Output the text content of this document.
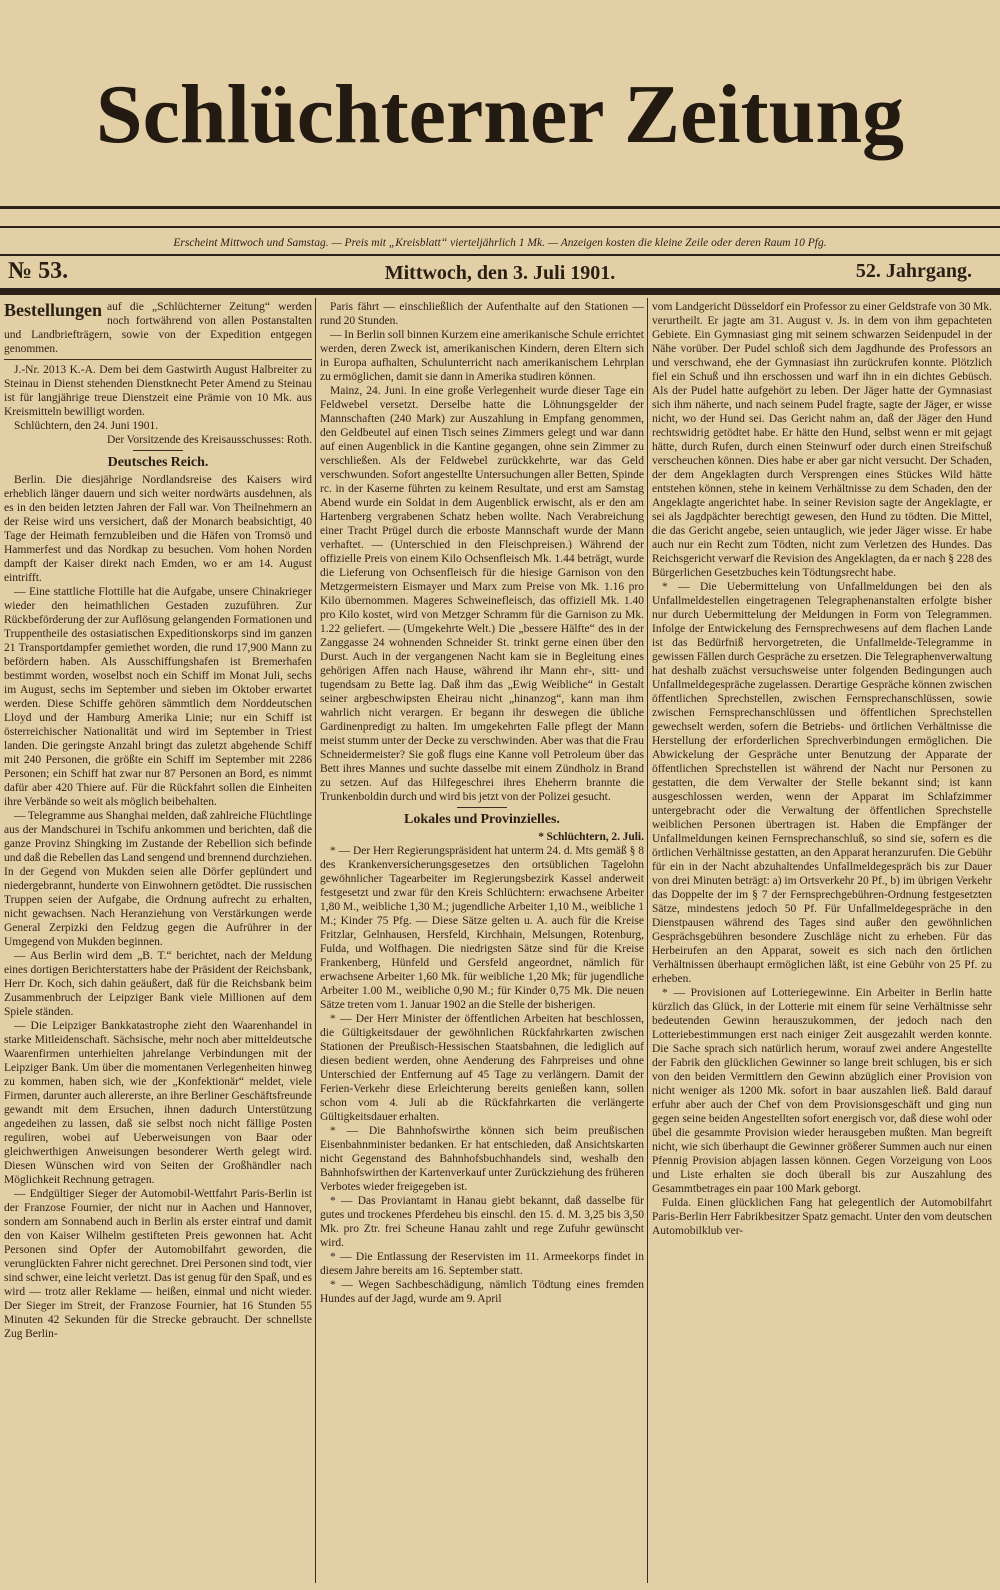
Schlüchterner Zeitung
Erscheint Mittwoch und Samstag. — Preis mit „Kreisblatt“ vierteljährlich 1 Mk. — Anzeigen kosten die kleine Zeile oder deren Raum 10 Pfg.
№ 53.	Mittwoch, den 3. Juli 1901.	52. Jahrgang.

Bestellungen auf die „Schlüchterner Zeitung“ werden noch fortwährend von allen Postanstalten und Landbriefträgern, sowie von der Expedition entgegen genommen.

J.-Nr. 2013 K.-A. Dem bei dem Gastwirth August Halbreiter zu Steinau in Dienst stehenden Dienstknecht Peter Amend zu Steinau ist für langjährige treue Dienstzeit eine Prämie von 10 Mk. aus Kreismitteln bewilligt worden.

Schlüchtern, den 24. Juni 1901.

Der Vorsitzende des Kreisausschusses: Roth.

Deutsches Reich.

Berlin. Die diesjährige Nordlandsreise des Kaisers wird erheblich länger dauern und sich weiter nordwärts ausdehnen, als es in den beiden letzten Jahren der Fall war. Von Theilnehmern an der Reise wird uns versichert, daß der Monarch beabsichtigt, 40 Tage der Heimath fernzubleiben und die Häfen von Tromsö und Hammerfest und das Nordkap zu besuchen. Vom hohen Norden dampft der Kaiser direkt nach Emden, wo er am 14. August eintrifft.

— Eine stattliche Flottille hat die Aufgabe, unsere Chinakrieger wieder den heimathlichen Gestaden zuzuführen. Zur Rückbeförderung der zur Auflösung gelangenden Formationen und Truppentheile des ostasiatischen Expeditionskorps sind im ganzen 21 Transportdampfer gemiethet worden, die rund 17,900 Mann zu befördern haben. Als Ausschiffungshafen ist Bremerhafen bestimmt worden, woselbst noch ein Schiff im Monat Juli, sechs im August, sechs im September und sieben im Oktober erwartet werden. Diese Schiffe gehören sämmtlich dem Norddeutschen Lloyd und der Hamburg Amerika Linie; nur ein Schiff ist österreichischer Nationalität und wird im September in Triest landen. Die geringste Anzahl bringt das zuletzt abgehende Schiff mit 240 Personen, die größte ein Schiff im September mit 2286 Personen; ein Schiff hat zwar nur 87 Personen an Bord, es nimmt dafür aber 420 Thiere auf. Für die Rückfahrt sollen die Einheiten ihre Verbände so weit als möglich beibehalten.

— Telegramme aus Shanghai melden, daß zahlreiche Flüchtlinge aus der Mandschurei in Tschifu ankommen und berichten, daß die ganze Provinz Shingking im Zustande der Rebellion sich befinde und daß die Rebellen das Land sengend und brennend durchziehen. In der Gegend von Mukden seien alle Dörfer geplündert und niedergebrannt, hunderte von Einwohnern getödtet. Die russischen Truppen seien der Aufgabe, die Ordnung aufrecht zu erhalten, nicht gewachsen. Nach Heranziehung von Verstärkungen werde General Zerpizki den Feldzug gegen die Aufrührer in der Umgegend von Mukden beginnen.

— Aus Berlin wird dem „B. T.“ berichtet, nach der Meldung eines dortigen Berichterstatters habe der Präsident der Reichsbank, Herr Dr. Koch, sich dahin geäußert, daß für die Reichsbank beim Zusammenbruch der Leipziger Bank viele Millionen auf dem Spiele ständen.

— Die Leipziger Bankkatastrophe zieht den Waarenhandel in starke Mitleidenschaft. Sächsische, mehr noch aber mitteldeutsche Waarenfirmen unterhielten jahrelange Verbindungen mit der Leipziger Bank. Um über die momentanen Verlegenheiten hinweg zu kommen, haben sich, wie der „Konfektionär“ meldet, viele Firmen, darunter auch allererste, an ihre Berliner Geschäftsfreunde gewandt mit dem Ersuchen, ihnen dadurch Unterstützung angedeihen zu lassen, daß sie selbst noch nicht fällige Posten reguliren, wobei auf Ueberweisungen von Baar oder gleichwerthigen Anweisungen besonderer Werth gelegt wird. Diesen Wünschen wird von Seiten der Großhändler nach Möglichkeit Rechnung getragen.

— Endgültiger Sieger der Automobil-Wettfahrt Paris-Berlin ist der Franzose Fournier, der nicht nur in Aachen und Hannover, sondern am Sonnabend auch in Berlin als erster eintraf und damit den von Kaiser Wilhelm gestifteten Preis gewonnen hat. Acht Personen sind Opfer der Automobilfahrt geworden, die verunglückten Fahrer nicht gerechnet. Drei Personen sind todt, vier sind schwer, eine leicht verletzt. Das ist genug für den Spaß, und es wird — trotz aller Reklame — heißen, einmal und nicht wieder. Der Sieger im Streit, der Franzose Fournier, hat 16 Stunden 55 Minuten 42 Sekunden für die Strecke gebraucht. Der schnellste Zug Berlin-

Paris fährt — einschließlich der Aufenthalte auf den Stationen — rund 20 Stunden.

— In Berlin soll binnen Kurzem eine amerikanische Schule errichtet werden, deren Zweck ist, amerikanischen Kindern, deren Eltern sich in Europa aufhalten, Schulunterricht nach amerikanischem Lehrplan zu ermöglichen, damit sie dann in Amerika studiren können.

Mainz, 24. Juni. In eine große Verlegenheit wurde dieser Tage ein Feldwebel versetzt. Derselbe hatte die Löhnungsgelder der Mannschaften (240 Mark) zur Auszahlung in Empfang genommen, den Geldbeutel auf einen Tisch seines Zimmers gelegt und war dann auf einen Augenblick in die Kantine gegangen, ohne sein Zimmer zu verschließen. Als der Feldwebel zurückkehrte, war das Geld verschwunden. Sofort angestellte Untersuchungen aller Betten, Spinde rc. in der Kaserne führten zu keinem Resultate, und erst am Samstag Abend wurde ein Soldat in dem Augenblick erwischt, als er den am Hartenberg vergrabenen Schatz heben wollte. Nach Verabreichung einer Tracht Prügel durch die erboste Mannschaft wurde der Mann verhaftet. — (Unterschied in den Fleischpreisen.) Während der offizielle Preis von einem Kilo Ochsenfleisch Mk. 1.44 beträgt, wurde die Lieferung von Ochsenfleisch für die hiesige Garnison von den Metzgermeistern Eismayer und Marx zum Preise von Mk. 1.16 pro Kilo übernommen. Mageres Schweinefleisch, das offiziell Mk. 1.40 pro Kilo kostet, wird von Metzger Schramm für die Garnison zu Mk. 1.22 geliefert. — (Umgekehrte Welt.) Die „bessere Hälfte“ des in der Zanggasse 24 wohnenden Schneider St. trinkt gerne einen über den Durst. Auch in der vergangenen Nacht kam sie in Begleitung eines gehörigen Affen nach Hause, während ihr Mann ehr-, sitt- und tugendsam zu Bette lag. Daß ihm das „Ewig Weibliche“ in Gestalt seiner argbeschwipsten Eheirau nicht „hinanzog“, kann man ihm wahrlich nicht verargen. Er begann ihr deswegen die übliche Gardinenpredigt zu halten. Im umgekehrten Falle pflegt der Mann meist stumm unter der Decke zu verschwinden. Aber was that die Frau Schneidermeister? Sie goß flugs eine Kanne voll Petroleum über das Bett ihres Mannes und suchte dasselbe mit einem Zündholz in Brand zu setzen. Auf das Hilfegeschrei ihres Eheherrn brannte die Trunkenboldin durch und wird bis jetzt von der Polizei gesucht.

Lokales und Provinzielles.

* Schlüchtern, 2. Juli.

* — Der Herr Regierungspräsident hat unterm 24. d. Mts gemäß § 8 des Krankenversicherungsgesetzes den ortsüblichen Tagelohn gewöhnlicher Tagearbeiter im Regierungsbezirk Kassel anderweit festgesetzt und zwar für den Kreis Schlüchtern: erwachsene Arbeiter 1,80 M., weibliche 1,30 M.; jugendliche Arbeiter 1,10 M., weibliche 1 M.; Kinder 75 Pfg. — Diese Sätze gelten u. A. auch für die Kreise Fritzlar, Gelnhausen, Hersfeld, Kirchhain, Melsungen, Rotenburg, Fulda, und Wolfhagen. Die niedrigsten Sätze sind für die Kreise Frankenberg, Hünfeld und Gersfeld angeordnet, nämlich für erwachsene Arbeiter 1,60 Mk. für weibliche 1,20 Mk; für jugendliche Arbeiter 1.00 M., weibliche 0,90 M.; für Kinder 0,75 Mk. Die neuen Sätze treten vom 1. Januar 1902 an die Stelle der bisherigen.

* — Der Herr Minister der öffentlichen Arbeiten hat beschlossen, die Gültigkeitsdauer der gewöhnlichen Rückfahrkarten zwischen Stationen der Preußisch-Hessischen Staatsbahnen, die lediglich auf diesen bedient werden, ohne Aenderung des Fahrpreises und ohne Unterschied der Entfernung auf 45 Tage zu verlängern. Damit der Ferien-Verkehr diese Erleichterung bereits genießen kann, sollen schon vom 4. Juli ab die Rückfahrkarten die verlängerte Gültigkeitsdauer erhalten.

* — Die Bahnhofswirthe können sich beim preußischen Eisenbahnminister bedanken. Er hat entschieden, daß Ansichtskarten nicht Gegenstand des Bahnhofsbuchhandels sind, weshalb den Bahnhofswirthen der Kartenverkauf unter Zurückziehung des früheren Verbotes wieder freigegeben ist.

* — Das Proviantamt in Hanau giebt bekannt, daß dasselbe für gutes und trockenes Pferdeheu bis einschl. den 15. d. M. 3,25 bis 3,50 Mk. pro Ztr. frei Scheune Hanau zahlt und rege Zufuhr gewünscht wird.

* — Die Entlassung der Reservisten im 11. Armeekorps findet in diesem Jahre bereits am 16. September statt.

* — Wegen Sachbeschädigung, nämlich Tödtung eines fremden Hundes auf der Jagd, wurde am 9. April

vom Landgericht Düsseldorf ein Professor zu einer Geldstrafe von 30 Mk. verurtheilt. Er jagte am 31. August v. Js. in dem von ihm gepachteten Gebiete. Ein Gymnasiast ging mit seinem schwarzen Seidenpudel in der Nähe vorüber. Der Pudel schloß sich dem Jagdhunde des Professors an und verschwand, ehe der Gymnasiast ihn zurückrufen konnte. Plötzlich fiel ein Schuß und ihn erschossen und warf ihn in ein dichtes Gebüsch. Als der Pudel hatte aufgehört zu leben. Der Jäger hatte der Gymnasiast sich ihm näherte, und nach seinem Pudel fragte, sagte der Jäger, er wisse nicht, wo der Hund sei. Das Gericht nahm an, daß der Jäger den Hund rechtswidrig getödtet habe. Er hätte den Hund, selbst wenn er mit gejagt hätte, durch Rufen, durch einen Steinwurf oder durch einen Streifschuß verscheuchen können. Dies habe er aber gar nicht versucht. Der Schaden, der dem Angeklagten durch Versprengen eines Stückes Wild hätte entstehen können, stehe in keinem Verhältnisse zu dem Schaden, den der Angeklagte angerichtet habe. In seiner Revision sagte der Angeklagte, er sei als Jagdpächter berechtigt gewesen, den Hund zu tödten. Die Mittel, die das Gericht angebe, seien untauglich, wie jeder Jäger wisse. Er habe auch nur ein Recht zum Tödten, nicht zum Verletzen des Hundes. Das Reichsgericht verwarf die Revision des Angeklagten, da er nach § 228 des Bürgerlichen Gesetzbuches kein Tödtungsrecht habe.

* — Die Uebermittelung von Unfallmeldungen bei den als Unfallmeldestellen eingetragenen Telegraphenanstalten erfolgte bisher nur durch Uebermittelung der Meldungen in Form von Telegrammen. Infolge der Entwickelung des Fernsprechwesens auf dem flachen Lande ist das Bedürfniß hervorgetreten, die Unfallmelde-Telegramme in gewissen Fällen durch Gespräche zu ersetzen. Die Telegraphenverwaltung hat deshalb zuächst versuchsweise unter folgenden Bedingungen auch Unfallmeldegespräche zugelassen. Derartige Gespräche können zwischen öffentlichen Sprechstellen, zwischen Fernsprechanschlüssen, sowie zwischen Fernsprechanschlüssen und öffentlichen Sprechstellen gewechselt werden, sofern die Betriebs- und örtlichen Verhältnisse die Herstellung der erforderlichen Sprechverbindungen ermöglichen. Die Abwickelung der Gespräche unter Benutzung der Apparate der öffentlichen Sprechstellen ist während der Nacht nur Personen zu gestatten, die dem Verwalter der Stelle bekannt sind; ist kann ausgeschlossen werden, wenn der Apparat im Schlafzimmer untergebracht oder die Verwaltung der öffentlichen Sprechstelle weiblichen Personen übertragen ist. Haben die Empfänger der Unfallmeldungen keinen Fernsprechanschluß, so sind sie, sofern es die örtlichen Verhältnisse gestatten, an den Apparat heranzurufen. Die Gebühr für ein in der Nacht abzuhaltendes Unfallmeldegespräch bis zur Dauer von drei Minuten beträgt: a) im Ortsverkehr 20 Pf., b) im übrigen Verkehr das Doppelte der im § 7 der Fernsprechgebühren-Ordnung festgesetzten Sätze, mindestens jedoch 50 Pf. Für Unfallmeldegespräche in den Dienstpausen während des Tages sind außer den gewöhnlichen Gesprächsgebühren besondere Zuschläge nicht zu erheben. Für das Herbeirufen an den Apparat, soweit es sich nach den örtlichen Verhältnissen überhaupt ermöglichen läßt, ist eine Gebühr von 25 Pf. zu erheben.

* — Provisionen auf Lotteriegewinne. Ein Arbeiter in Berlin hatte kürzlich das Glück, in der Lotterie mit einem für seine Verhältnisse sehr bedeutenden Gewinn herauszukommen, der jedoch nach den Lotteriebestimmungen erst nach einiger Zeit ausgezahlt werden konnte. Die Sache sprach sich natürlich herum, worauf zwei andere Angestellte der Fabrik den glücklichen Gewinner so lange breit schlugen, bis er sich von den beiden Vermittlern den Gewinn abzüglich einer Provision von nicht weniger als 1200 Mk. sofort in baar auszahlen ließ. Bald darauf erfuhr aber auch der Chef von dem Provisionsgeschäft und ging nun gegen seine beiden Angestellten sofort energisch vor, daß diese wohl oder übel die gesammte Provision wieder herausgeben mußten. Man begreift nicht, wie sich überhaupt die Gewinner größerer Summen auch nur einen Pfennig Provision abjagen lassen können. Gegen Vorzeigung von Loos und Liste erhalten sie doch überall bis zur Auszahlung des Gesammtbetrages ein paar 100 Mark geborgt.

Fulda. Einen glücklichen Fang hat gelegentlich der Automobilfahrt Paris-Berlin Herr Fabrikbesitzer Spatz gemacht. Unter den vom deutschen Automobilklub ver-
